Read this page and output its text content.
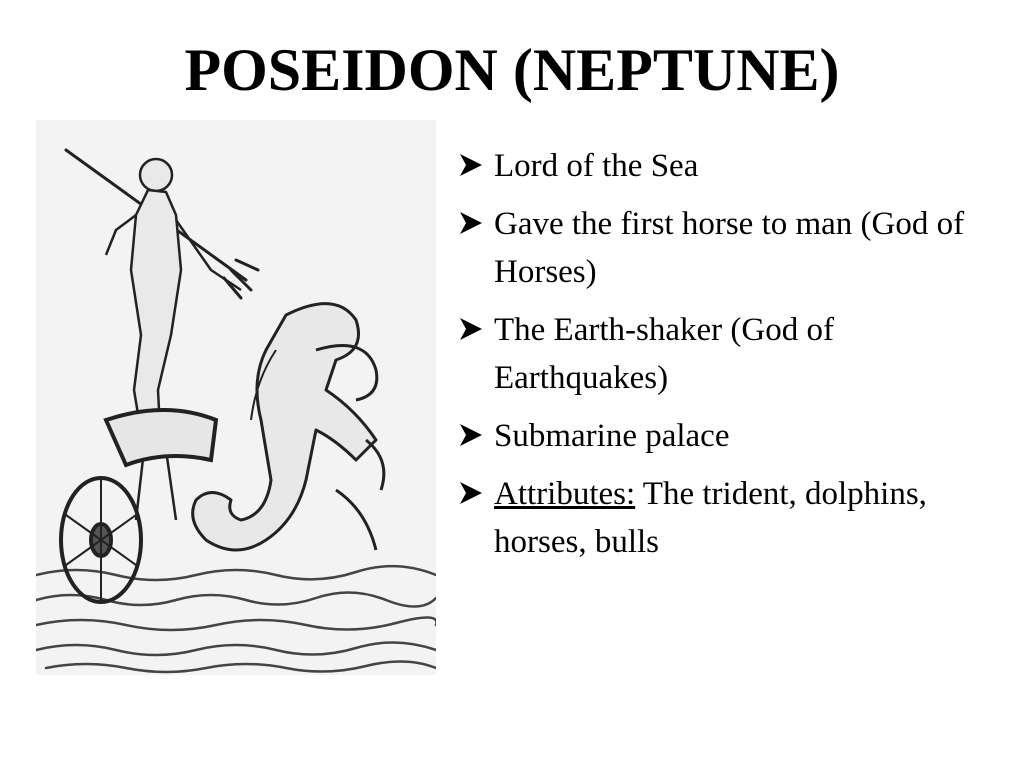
POSEIDON (NEPTUNE)
Lord of the Sea
Gave the first horse to man (God of Horses)
The Earth-shaker (God of Earthquakes)
Submarine palace
Attributes: The trident, dolphins, horses, bulls
